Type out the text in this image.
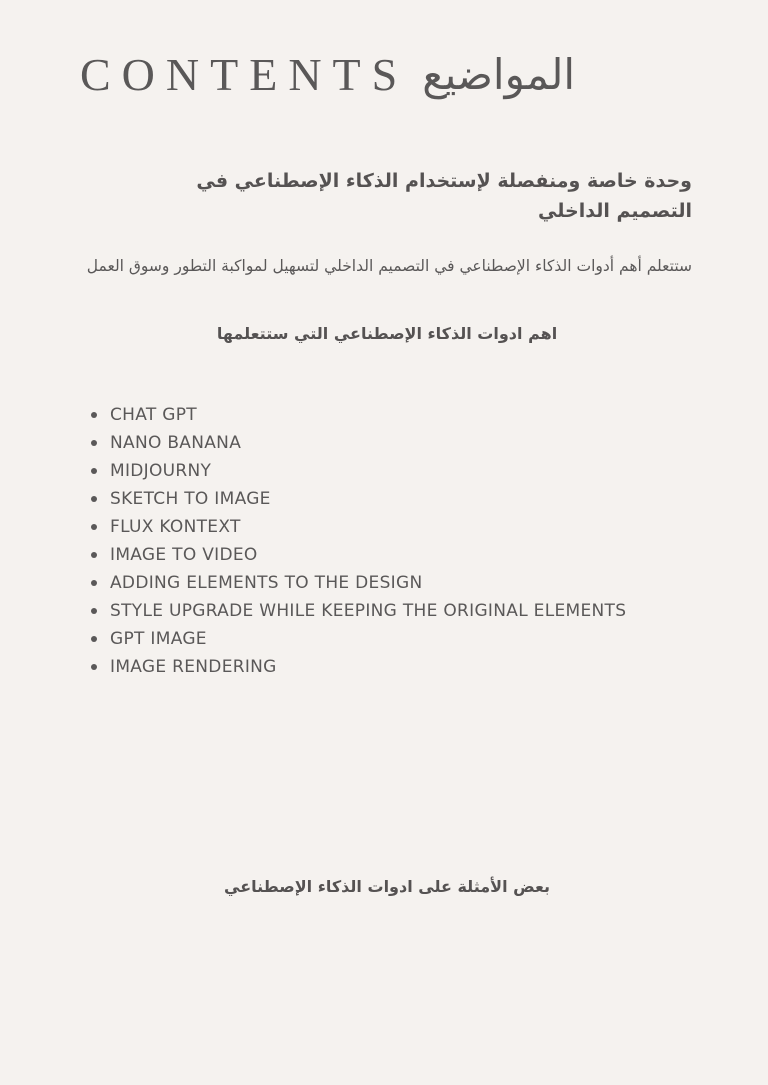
CONTENTS المواضيع
وحدة خاصة ومنفصلة لإستخدام الذكاء الإصطناعي في التصميم الداخلي
ستتعلم أهم أدوات الذكاء الإصطناعي في التصميم الداخلي لتسهيل لمواكبة التطور وسوق العمل
اهم ادوات الذكاء الإصطناعي التي ستتعلمها
CHAT GPT
NANO BANANA
MIDJOURNY
SKETCH TO IMAGE
FLUX KONTEXT
IMAGE TO VIDEO
ADDING ELEMENTS TO THE DESIGN
STYLE UPGRADE WHILE KEEPING THE ORIGINAL ELEMENTS
GPT IMAGE
IMAGE RENDERING
بعض الأمثلة على ادوات الذكاء الإصطناعي
